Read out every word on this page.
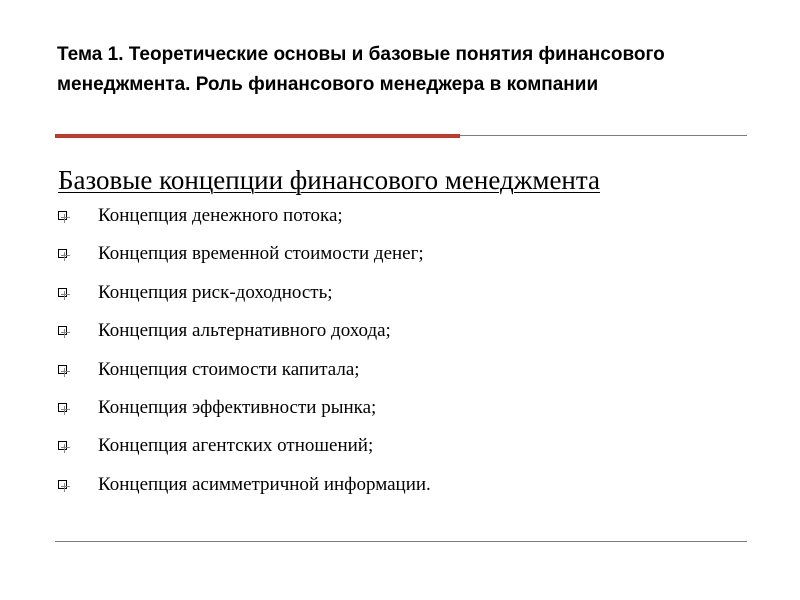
Тема 1. Теоретические основы и базовые понятия финансового менеджмента. Роль финансового менеджера в компании
Базовые концепции финансового менеджмента
Концепция денежного потока;
Концепция временной стоимости денег;
Концепция риск-доходность;
Концепция альтернативного дохода;
Концепция стоимости капитала;
Концепция эффективности рынка;
Концепция агентских отношений;
Концепция асимметричной информации.
